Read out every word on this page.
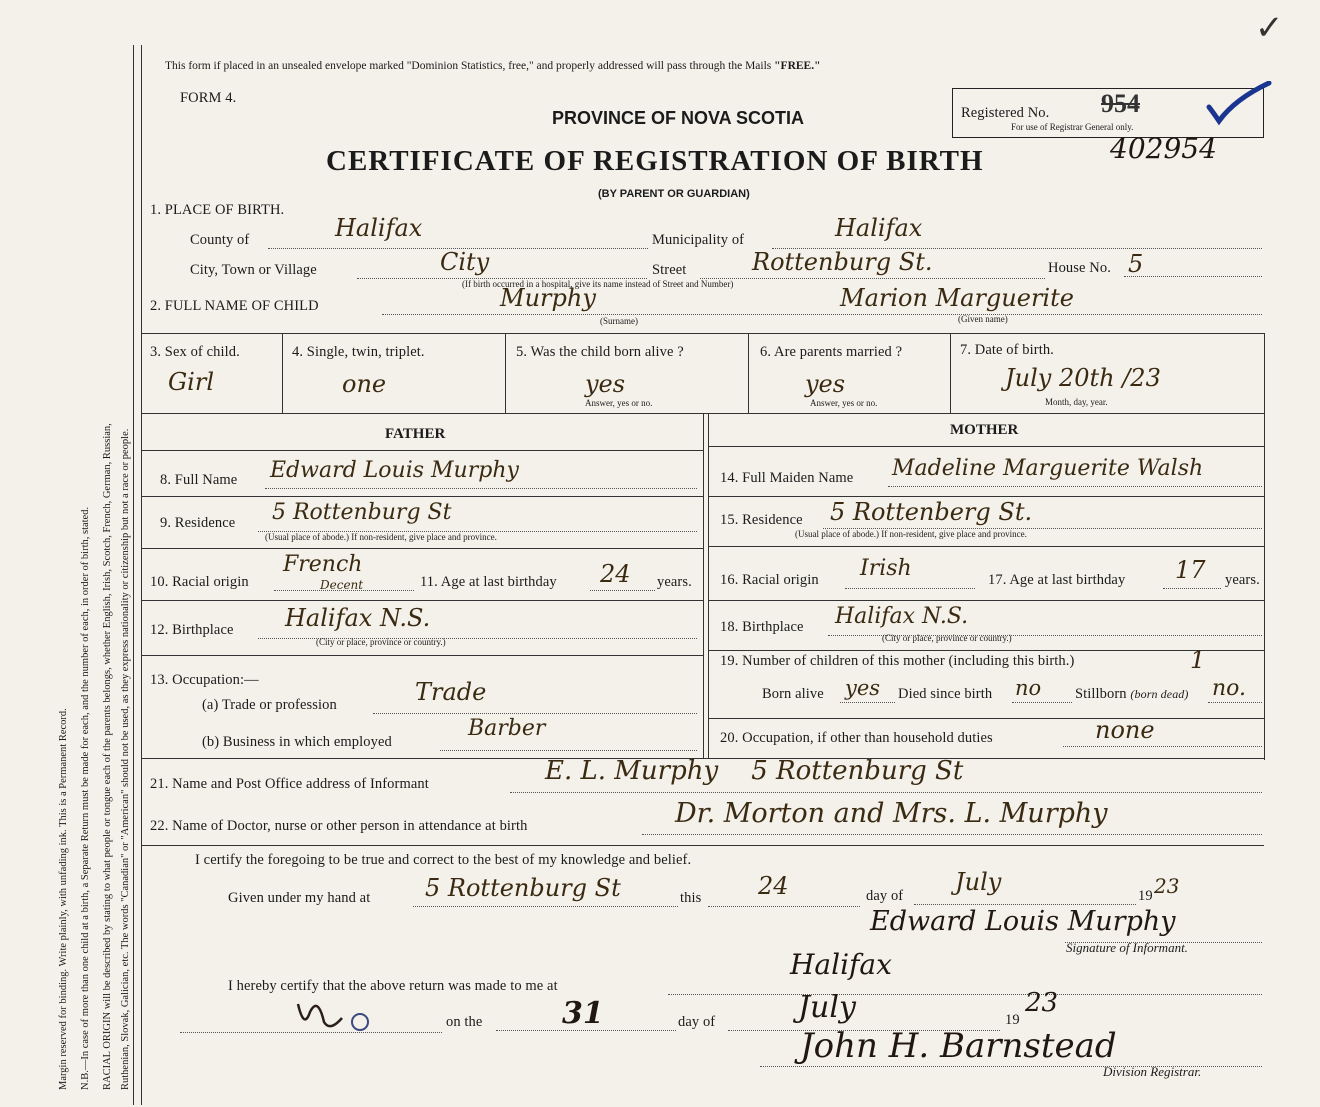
Margin reserved for binding. Write plainly, with unfading ink. This is a Permanent Record. N.B.—In case of more than one child at a birth, a Separate Return must be made for each, and the number of each, in order of birth, stated. RACIAL ORIGIN will be described by stating to what people or tongue each of the parents belongs, whether English, Irish, Scotch, French, German, Russian, Ruthenian, Slovak, Galician, etc. The words "Canadian" or "American" should not be used, as they express nationality or citizenship but not a race or people.
This form if placed in an unsealed envelope marked "Dominion Statistics, free," and properly addressed will pass through the Mails "FREE."
FORM 4.
PROVINCE OF NOVA SCOTIA	Registered No. 954
For use of Registrar General only.
402954
✓
CERTIFICATE OF REGISTRATION OF BIRTH
(BY PARENT OR GUARDIAN)
1. PLACE OF BIRTH.
County of	Halifax	Municipality of	Halifax
City, Town or Village	City	Street	Rottenburg St.	House No. 5
(If birth occurred in a hospital, give its name instead of Street and Number)
2. FULL NAME OF CHILD	Murphy
(Surname)
Marion Marguerite
(Given name)
3. Sex of child.
Girl
4. Single, twin, triplet.
one
5. Was the child born alive ?
yes
Answer, yes or no.
6. Are parents married ?
yes
Answer, yes or no.
7. Date of birth.
July 20th /23
Month, day, year.
FATHER	MOTHER
8. Full Name Edward Louis Murphy
9. Residence 5 Rottenburg St
(Usual place of abode.) If non-resident, give place and province.
10. Racial origin
French
Decent	11. Age at last birthday 24 years.
12. Birthplace Halifax N.S.
(City or place, province or country.)
13. Occupation:—
(a) Trade or profession	Trade
(b) Business in which employed
Barber
14. Full Maiden Name Madeline Marguerite Walsh
15. Residence 5 Rottenberg St.
(Usual place of abode.) If non-resident, give place and province.
16. Racial origin Irish	17. Age at last birthday 17 years.
18. Birthplace Halifax N.S.
(City or place, province or country.)
19. Number of children of this mother (including this birth.)	1
Born alive yes Died since birth no Stillborn (born dead) no.
20. Occupation, if other than household duties	none
21. Name and Post Office address of Informant	E. L. Murphy    5 Rottenburg St
22. Name of Doctor, nurse or other person in attendance at birth	Dr. Morton and Mrs. L. Murphy
I certify the foregoing to be true and correct to the best of my knowledge and belief.
Given under my hand at 5 Rottenburg St	this 24	day of July	19 23
Edward Louis Murphy
Signature of Informant.
I hereby certify that the above return was made to me at
Halifax
on the	31	day of	July	19
23
John H. Barnstead
Division Registrar.
